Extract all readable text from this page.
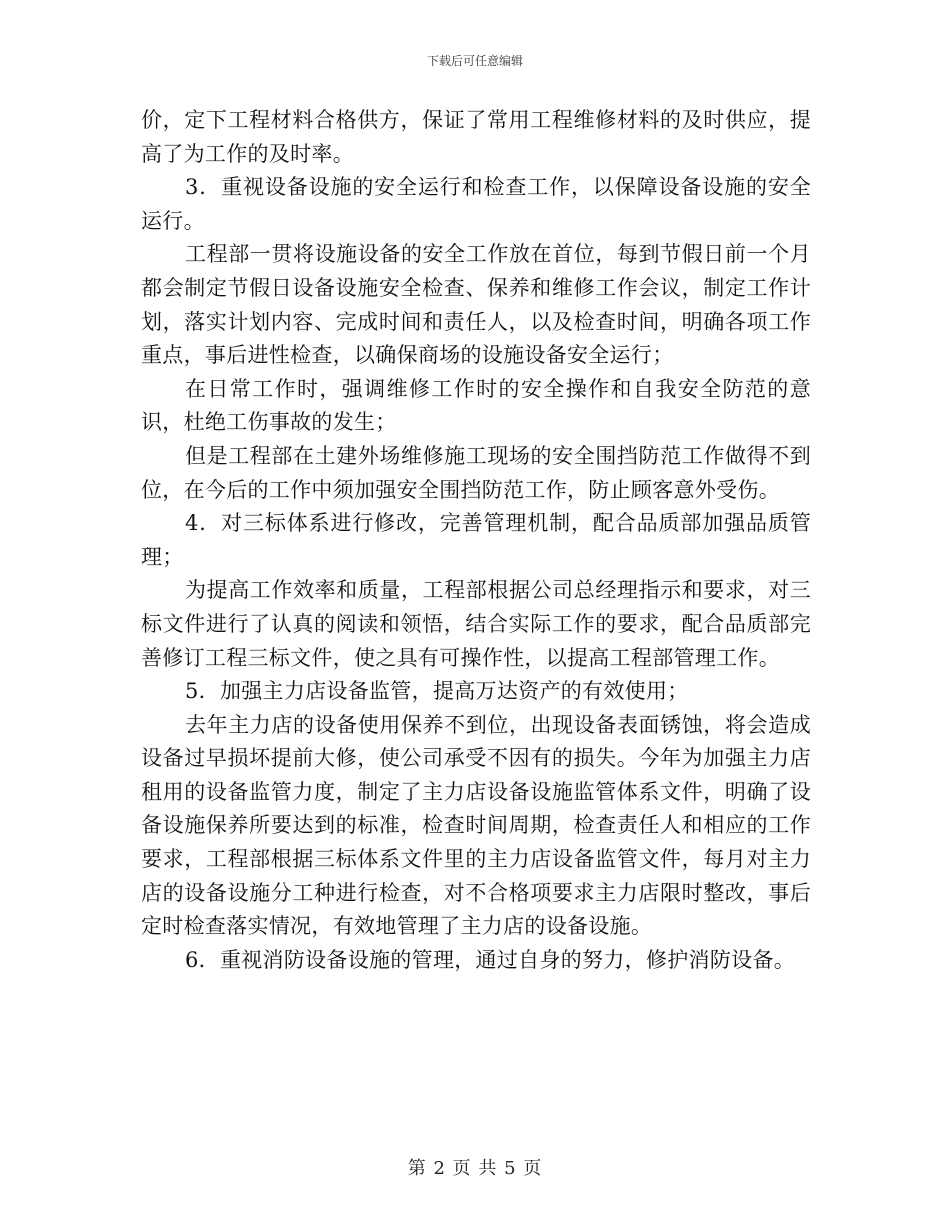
下载后可任意编辑

价，定下工程材料合格供方，保证了常用工程维修材料的及时供应，提高了为工作的及时率。

3．重视设备设施的安全运行和检查工作，以保障设备设施的安全运行。

工程部一贯将设施设备的安全工作放在首位，每到节假日前一个月都会制定节假日设备设施安全检查、保养和维修工作会议，制定工作计划，落实计划内容、完成时间和责任人，以及检查时间，明确各项工作重点，事后进性检查，以确保商场的设施设备安全运行；

在日常工作时，强调维修工作时的安全操作和自我安全防范的意识，杜绝工伤事故的发生；

但是工程部在土建外场维修施工现场的安全围挡防范工作做得不到位，在今后的工作中须加强安全围挡防范工作，防止顾客意外受伤。

4．对三标体系进行修改，完善管理机制，配合品质部加强品质管理；

为提高工作效率和质量，工程部根据公司总经理指示和要求，对三标文件进行了认真的阅读和领悟，结合实际工作的要求，配合品质部完善修订工程三标文件，使之具有可操作性，以提高工程部管理工作。

5．加强主力店设备监管，提高万达资产的有效使用；

去年主力店的设备使用保养不到位，出现设备表面锈蚀，将会造成设备过早损坏提前大修，使公司承受不因有的损失。今年为加强主力店租用的设备监管力度，制定了主力店设备设施监管体系文件，明确了设备设施保养所要达到的标准，检查时间周期，检查责任人和相应的工作要求，工程部根据三标体系文件里的主力店设备监管文件，每月对主力店的设备设施分工种进行检查，对不合格项要求主力店限时整改，事后定时检查落实情况，有效地管理了主力店的设备设施。

6．重视消防设备设施的管理，通过自身的努力，修护消防设备。

第 2 页 共 5 页
